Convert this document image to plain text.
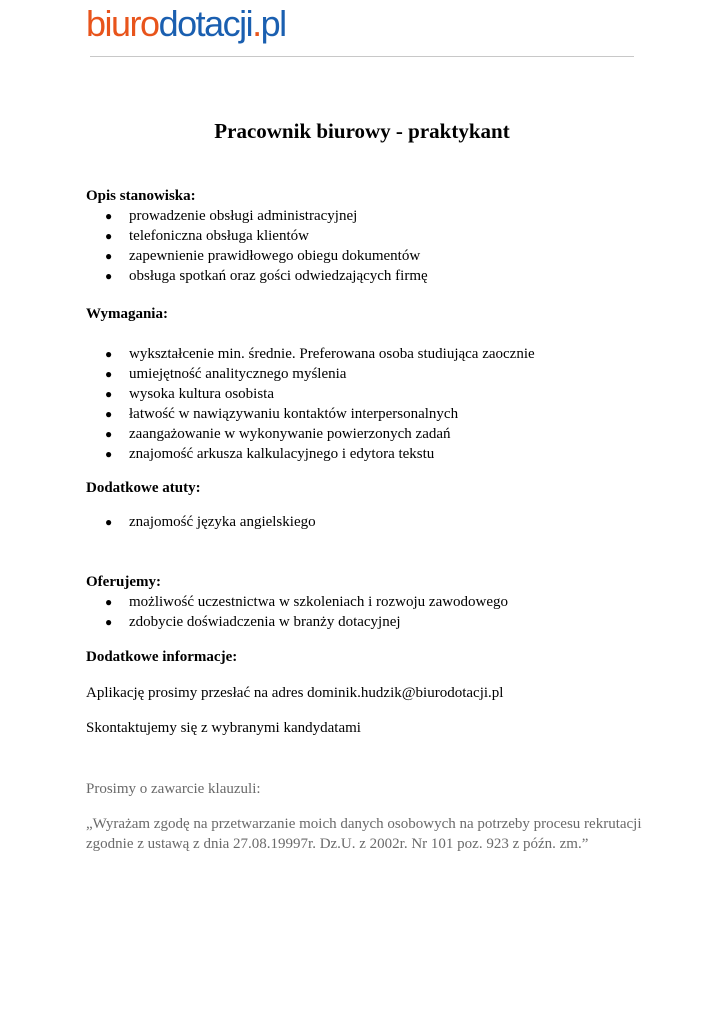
biurodotacji.pl
Pracownik biurowy - praktykant

Opis stanowiska:

● prowadzenie obsługi administracyjnej
● telefoniczna obsługa klientów
● zapewnienie prawidłowego obiegu dokumentów
● obsługa spotkań oraz gości odwiedzających firmę

Wymagania:

● wykształcenie min. średnie. Preferowana osoba studiująca zaocznie
● umiejętność analitycznego myślenia
● wysoka kultura osobista
● łatwość w nawiązywaniu kontaktów interpersonalnych
● zaangażowanie w wykonywanie powierzonych zadań
● znajomość arkusza kalkulacyjnego i edytora tekstu

Dodatkowe atuty:

● znajomość języka angielskiego

Oferujemy:

● możliwość uczestnictwa w szkoleniach i rozwoju zawodowego
● zdobycie doświadczenia w branży dotacyjnej

Dodatkowe informacje:

Aplikację prosimy przesłać na adres dominik.hudzik@biurodotacji.pl

Skontaktujemy się z wybranymi kandydatami

Prosimy o zawarcie klauzuli:

„Wyrażam zgodę na przetwarzanie moich danych osobowych na potrzeby procesu rekrutacji zgodnie z ustawą z dnia 27.08.19997r. Dz.U. z 2002r. Nr 101 poz. 923 z późn. zm.”
